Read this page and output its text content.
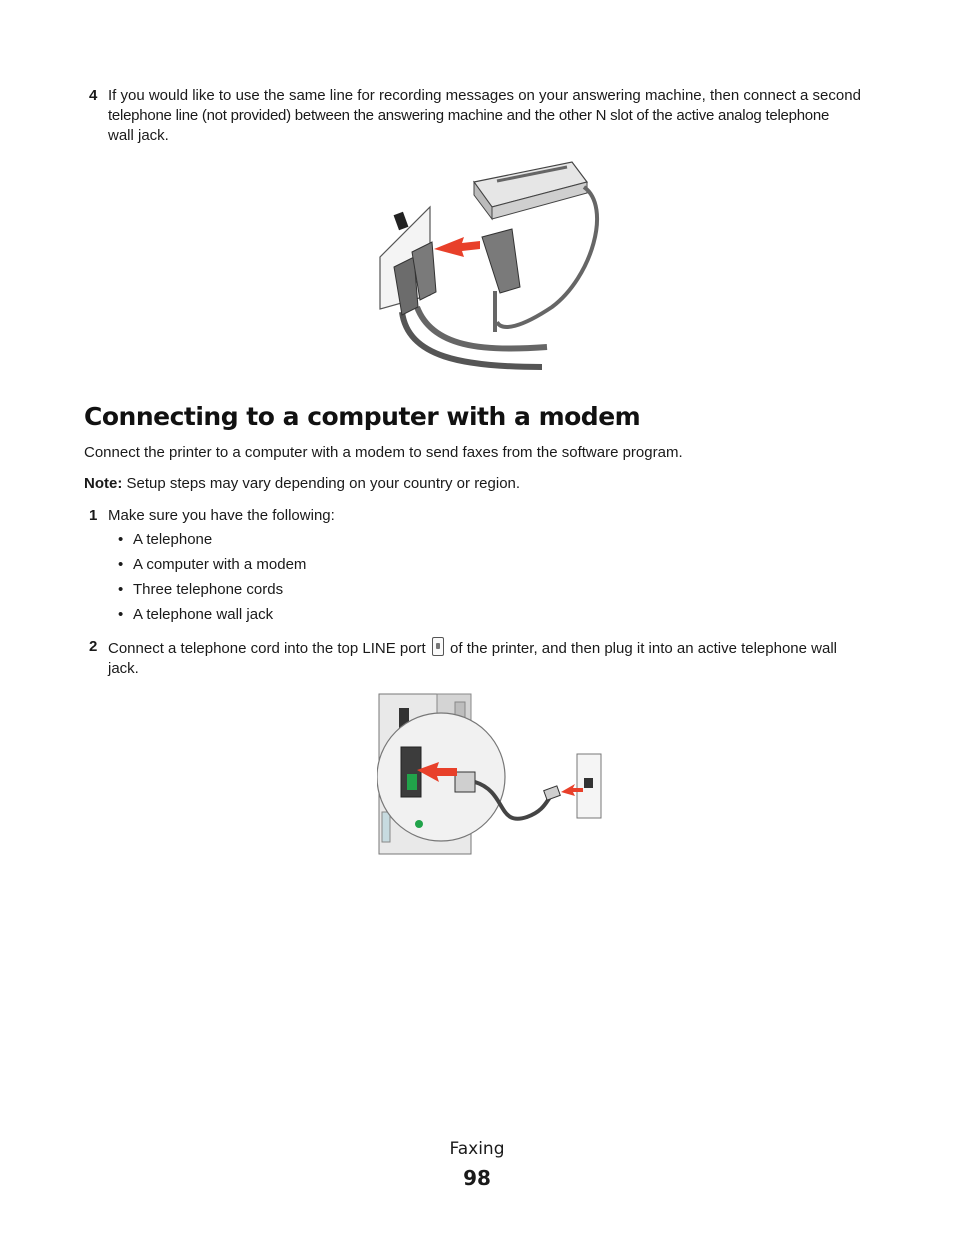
4 If you would like to use the same line for recording messages on your answering machine, then connect a second
telephone line (not provided) between the answering machine and the other N slot of the active analog telephone
wall jack.
Connecting to a computer with a modem
Connect the printer to a computer with a modem to send faxes from the software program.
Note: Setup steps may vary depending on your country or region.
1 Make sure you have the following:
• A telephone
• A computer with a modem
• Three telephone cords
• A telephone wall jack
2 Connect a telephone cord into the top LINE port  of the printer, and then plug it into an active telephone wall
jack.
Faxing
98
